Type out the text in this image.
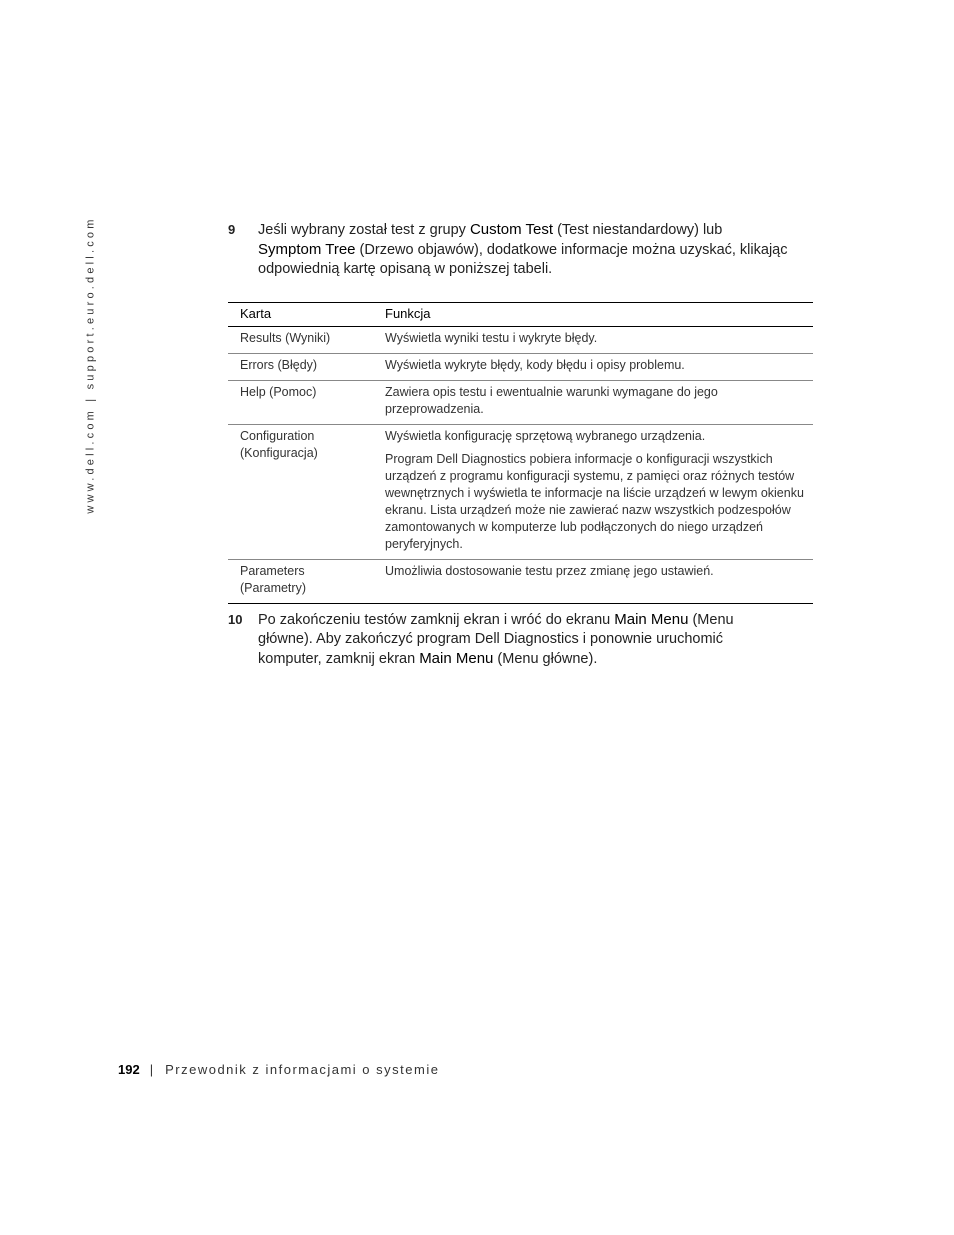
www.dell.com | support.euro.dell.com	9	Jeśli wybrany został test z grupy Custom Test (Test niestandardowy) lub Symptom Tree (Drzewo objawów), dodatkowe informacje można uzyskać, klikając odpowiednią kartę opisaną w poniższej tabeli.
Karta	Funkcja
Results (Wyniki)	Wyświetla wyniki testu i wykryte błędy.

Errors (Błędy)	Wyświetla wykryte błędy, kody błędu i opisy problemu.

Help (Pomoc)	Zawiera opis testu i ewentualnie warunki wymagane do jego przeprowadzenia.

Configuration (Konfiguracja)	Wyświetla konfigurację sprzętową wybranego urządzenia.

Program Dell Diagnostics pobiera informacje o konfiguracji wszystkich urządzeń z programu konfiguracji systemu, z pamięci oraz różnych testów wewnętrznych i wyświetla te informacje na liście urządzeń w lewym okienku ekranu. Lista urządzeń może nie zawierać nazw wszystkich podzespołów zamontowanych w komputerze lub podłączonych do niego urządzeń peryferyjnych.

Parameters (Parametry)	Umożliwia dostosowanie testu przez zmianę jego ustawień.

10	Po zakończeniu testów zamknij ekran i wróć do ekranu Main Menu (Menu główne). Aby zakończyć program Dell Diagnostics i ponownie uruchomić komputer, zamknij ekran Main Menu (Menu główne).
192 | Przewodnik z informacjami o systemie
